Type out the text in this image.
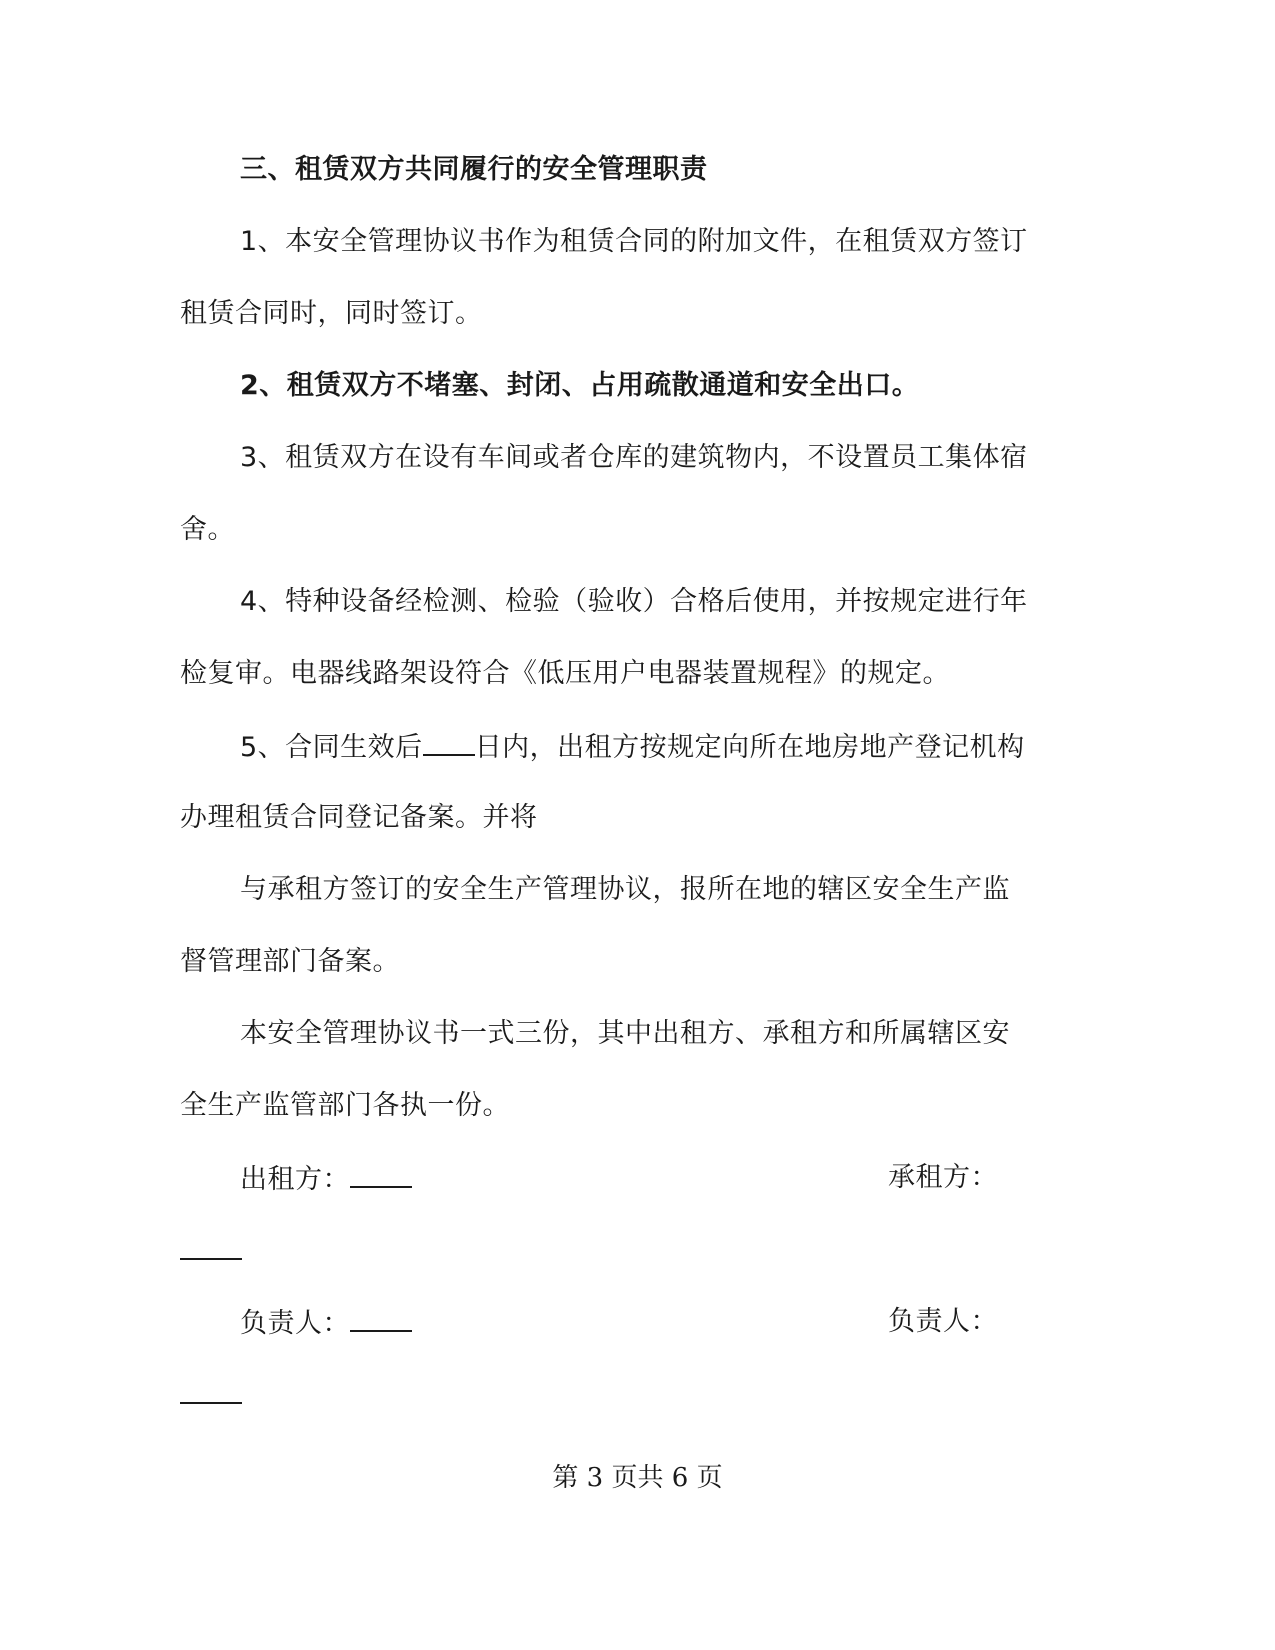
三、租赁双方共同履行的安全管理职责
1、本安全管理协议书作为租赁合同的附加文件，在租赁双方签订
租赁合同时，同时签订。
2、租赁双方不堵塞、封闭、占用疏散通道和安全出口。
3、租赁双方在设有车间或者仓库的建筑物内，不设置员工集体宿
舍。
4、特种设备经检测、检验（验收）合格后使用，并按规定进行年
检复审。电器线路架设符合《低压用户电器装置规程》的规定。
5、合同生效后 日内，出租方按规定向所在地房地产登记机构
办理租赁合同登记备案。并将
与承租方签订的安全生产管理协议，报所在地的辖区安全生产监
督管理部门备案。
本安全管理协议书一式三份，其中出租方、承租方和所属辖区安
全生产监管部门各执一份。
出租方：	承租方：
负责人：	负责人：
第 3 页共 6 页
